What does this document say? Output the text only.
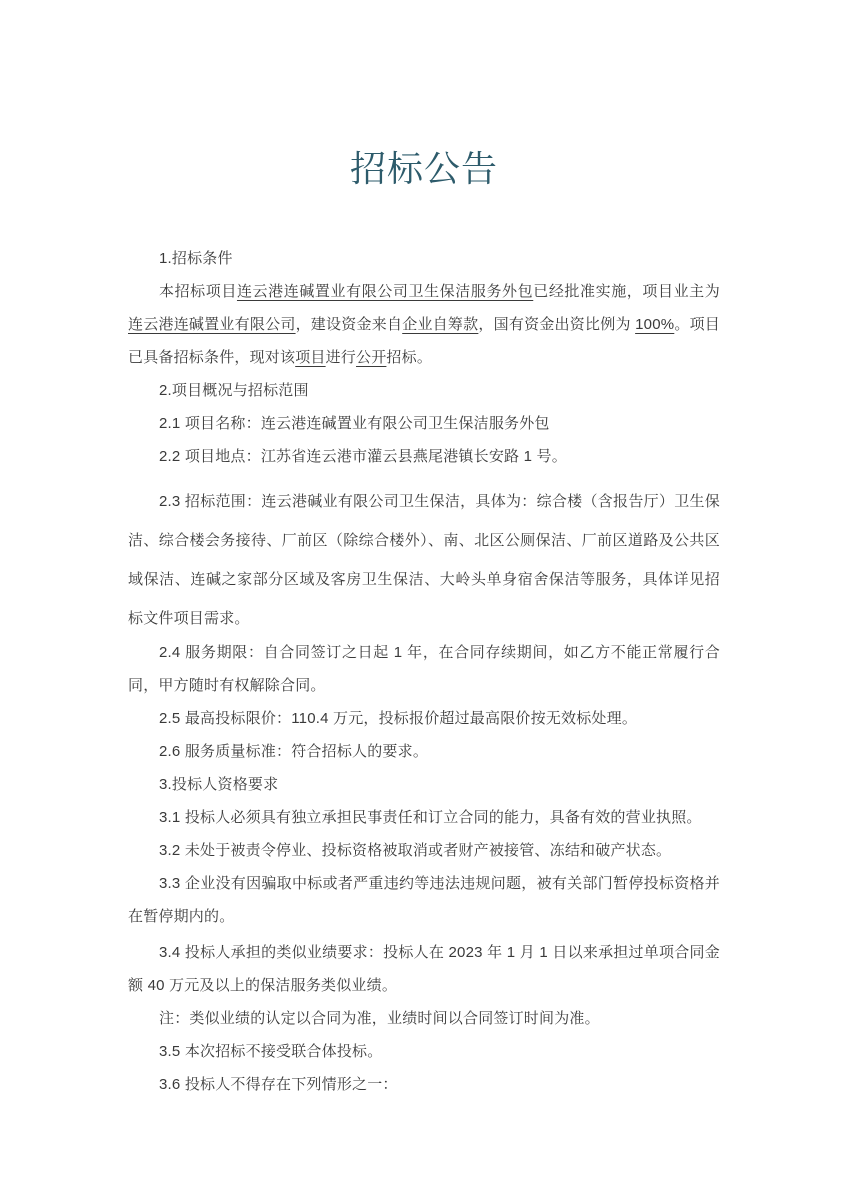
招标公告

1.招标条件

本招标项目连云港连碱置业有限公司卫生保洁服务外包已经批准实施，项目业主为连云港连碱置业有限公司，建设资金来自企业自筹款，国有资金出资比例为 100%。项目已具备招标条件，现对该项目进行公开招标。

2.项目概况与招标范围

2.1 项目名称：连云港连碱置业有限公司卫生保洁服务外包

2.2 项目地点：江苏省连云港市灌云县燕尾港镇长安路 1 号。

2.3 招标范围：连云港碱业有限公司卫生保洁，具体为：综合楼（含报告厅）卫生保洁、综合楼会务接待、厂前区（除综合楼外）、南、北区公厕保洁、厂前区道路及公共区域保洁、连碱之家部分区域及客房卫生保洁、大岭头单身宿舍保洁等服务，具体详见招标文件项目需求。

2.4 服务期限：自合同签订之日起 1 年，在合同存续期间，如乙方不能正常履行合同，甲方随时有权解除合同。

2.5 最高投标限价：110.4 万元，投标报价超过最高限价按无效标处理。

2.6 服务质量标准：符合招标人的要求。

3.投标人资格要求

3.1 投标人必须具有独立承担民事责任和订立合同的能力，具备有效的营业执照。

3.2 未处于被责令停业、投标资格被取消或者财产被接管、冻结和破产状态。

3.3 企业没有因骗取中标或者严重违约等违法违规问题，被有关部门暂停投标资格并在暂停期内的。

3.4 投标人承担的类似业绩要求：投标人在 2023 年 1 月 1 日以来承担过单项合同金额 40 万元及以上的保洁服务类似业绩。

注：类似业绩的认定以合同为准，业绩时间以合同签订时间为准。

3.5 本次招标不接受联合体投标。

3.6 投标人不得存在下列情形之一：
